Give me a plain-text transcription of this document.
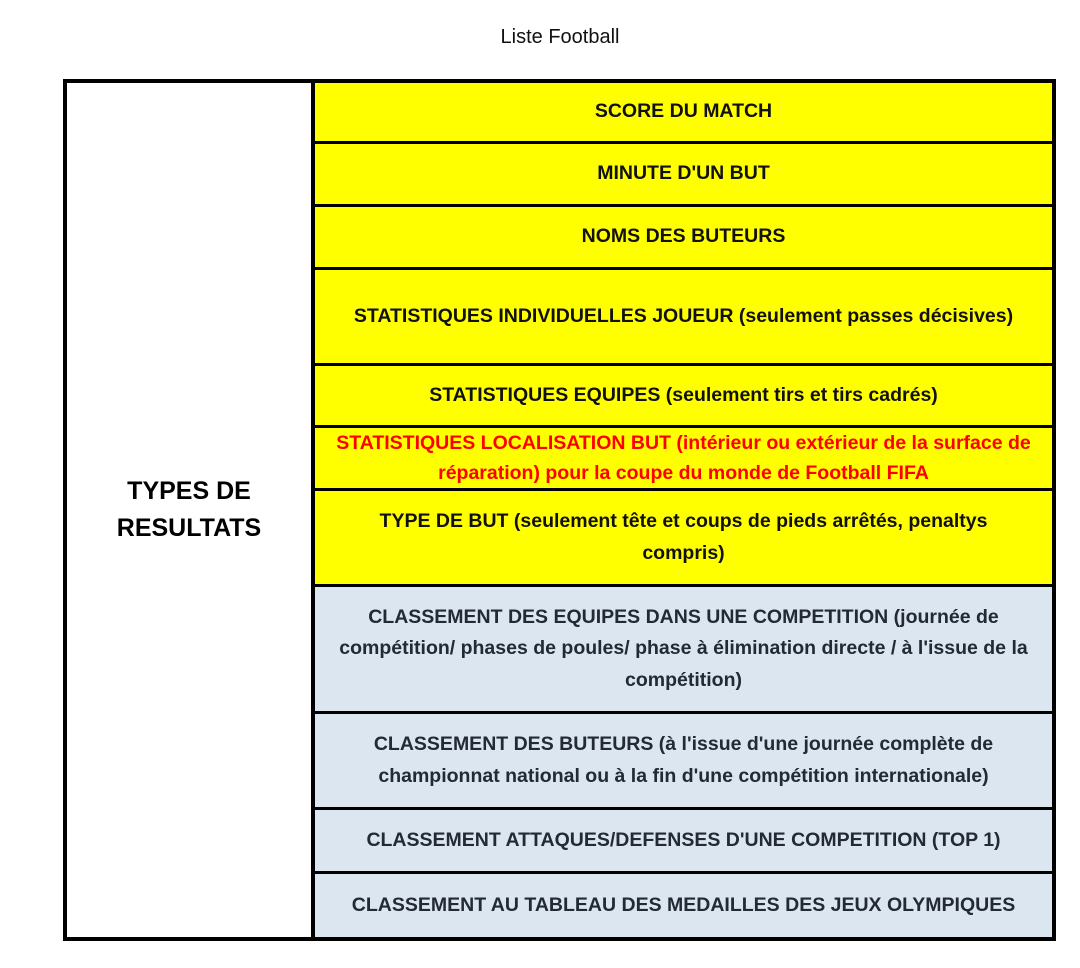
Liste Football
TYPES DE
RESULTATS
SCORE DU MATCH
MINUTE D'UN BUT
NOMS DES BUTEURS
STATISTIQUES INDIVIDUELLES JOUEUR (seulement passes décisives)
STATISTIQUES EQUIPES (seulement tirs et tirs cadrés)
STATISTIQUES LOCALISATION BUT (intérieur ou extérieur de la surface de réparation) pour la coupe du monde de Football FIFA
TYPE DE BUT (seulement tête et coups de pieds arrêtés, penaltys compris)
CLASSEMENT DES EQUIPES DANS UNE COMPETITION (journée de compétition/ phases de poules/ phase à élimination directe / à l'issue de la compétition)
CLASSEMENT DES BUTEURS (à l'issue d'une journée complète de championnat national ou à la fin d'une compétition internationale)
CLASSEMENT ATTAQUES/DEFENSES D'UNE COMPETITION (TOP 1)
CLASSEMENT AU TABLEAU DES MEDAILLES DES JEUX OLYMPIQUES
